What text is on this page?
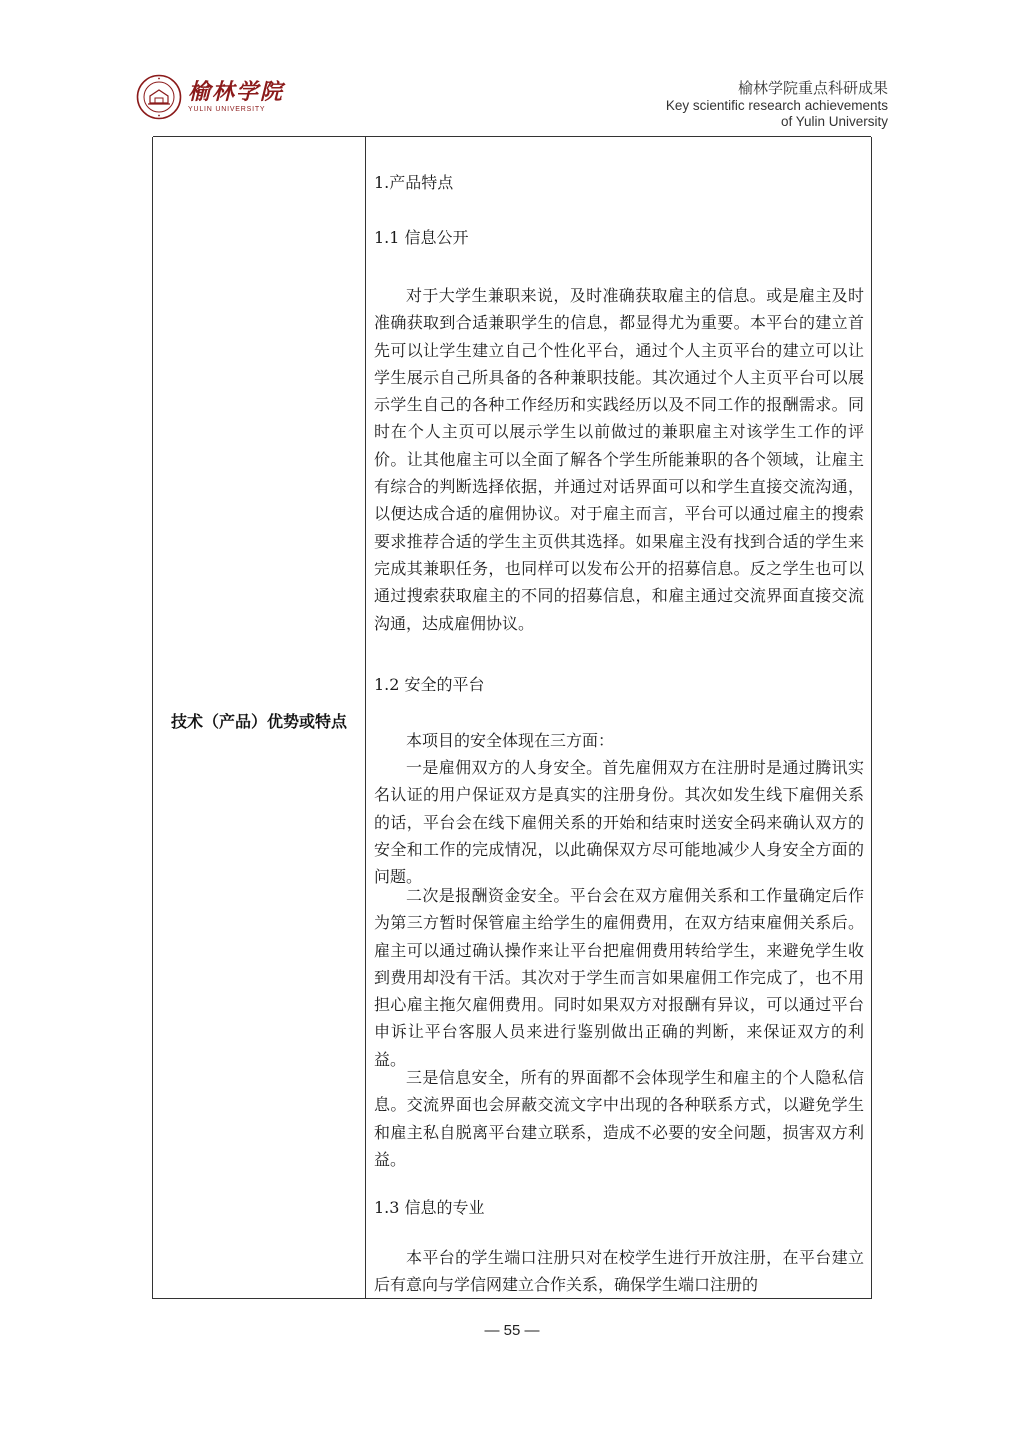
榆林学院
YULIN UNIVERSITY
榆林学院重点科研成果
Key scientific research achievements
of Yulin University
技术（产品）优势或特点

1.产品特点

1.1 信息公开

对于大学生兼职来说，及时准确获取雇主的信息。或是雇主及时准确获取到合适兼职学生的信息，都显得尤为重要。本平台的建立首先可以让学生建立自己个性化平台，通过个人主页平台的建立可以让学生展示自己所具备的各种兼职技能。其次通过个人主页平台可以展示学生自己的各种工作经历和实践经历以及不同工作的报酬需求。同时在个人主页可以展示学生以前做过的兼职雇主对该学生工作的评价。让其他雇主可以全面了解各个学生所能兼职的各个领域，让雇主有综合的判断选择依据，并通过对话界面可以和学生直接交流沟通，以便达成合适的雇佣协议。对于雇主而言，平台可以通过雇主的搜索要求推荐合适的学生主页供其选择。如果雇主没有找到合适的学生来完成其兼职任务，也同样可以发布公开的招募信息。反之学生也可以通过搜索获取雇主的不同的招募信息，和雇主通过交流界面直接交流沟通，达成雇佣协议。

1.2 安全的平台

本项目的安全体现在三方面：

一是雇佣双方的人身安全。首先雇佣双方在注册时是通过腾讯实名认证的用户保证双方是真实的注册身份。其次如发生线下雇佣关系的话，平台会在线下雇佣关系的开始和结束时送安全码来确认双方的安全和工作的完成情况，以此确保双方尽可能地减少人身安全方面的问题。

二次是报酬资金安全。平台会在双方雇佣关系和工作量确定后作为第三方暂时保管雇主给学生的雇佣费用，在双方结束雇佣关系后。雇主可以通过确认操作来让平台把雇佣费用转给学生，来避免学生收到费用却没有干活。其次对于学生而言如果雇佣工作完成了，也不用担心雇主拖欠雇佣费用。同时如果双方对报酬有异议，可以通过平台申诉让平台客服人员来进行鉴别做出正确的判断，来保证双方的利益。

三是信息安全，所有的界面都不会体现学生和雇主的个人隐私信息。交流界面也会屏蔽交流文字中出现的各种联系方式，以避免学生和雇主私自脱离平台建立联系，造成不必要的安全问题，损害双方利益。

1.3 信息的专业

本平台的学生端口注册只对在校学生进行开放注册，在平台建立后有意向与学信网建立合作关系，确保学生端口注册的

— 55 —
